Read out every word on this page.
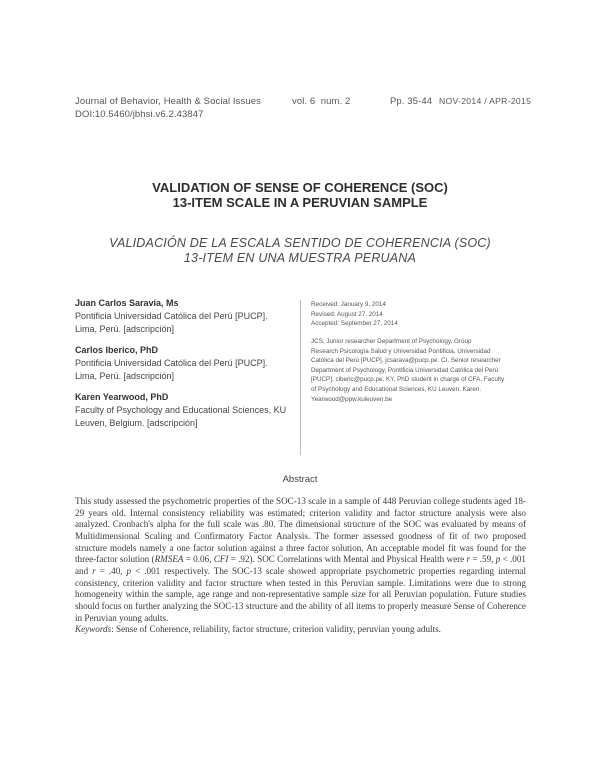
Journal of Behavior, Health & Social Issues
DOI:10.5460/jbhsi.v6.2.43847
vol. 6  num. 2	Pp. 35-44 NOV-2014 / APR-2015
VALIDATION OF SENSE OF COHERENCE (SOC)
13-ITEM SCALE IN A PERUVIAN SAMPLE
VALIDACIÓN DE LA ESCALA SENTIDO DE COHERENCIA (SOC)
13-ITEM EN UNA MUESTRA PERUANA
Juan Carlos Saravia, Ms
Pontificia Universidad Católica del Perú [PUCP].
Lima, Perú. [adscripción]
Carlos Iberico, PhD
Pontificia Universidad Católica del Perú [PUCP].
Lima, Perú. [adscripción]
Karen Yearwood, PhD
Faculty of Psychology and Educational Sciences, KU
Leuven, Belgium. [adscripción]
Received: January 9, 2014
Revised: August 27, 2014
Accepted: September 27, 2014
JCS, Junior researcher Department of Psychology. Group
Research Psicología Salud y Universidad Pontificia, Universidad
Católica del Perú [PUCP]. jcsarava@pucp.pe. CI, Senior researcher
Department of Psychology, Pontificia Universidad Católica del Perú
[PUCP]. ciberic@pucp.pe. KY, PhD student in charge of CFA, Faculty
of Psychology and Educational Sciences, KU Leuven. Karen.
Yearwood@ppw.kuleuven.be
Abstract

This study assessed the psychometric properties of the SOC-13 scale in a sample of 448 Peruvian college students aged 18-29 years old. Internal consistency reliability was estimated; criterion validity and factor structure analysis were also analyzed. Cronbach's alpha for the full scale was .80. The dimensional structure of the SOC was evaluated by means of Multidimensional Scaling and Confirmatory Factor Analysis. The former assessed goodness of fit of two proposed structure models namely a one factor solution against a three factor solution. An acceptable model fit was found for the three-factor solution (RMSEA = 0.06, CFI = .92). SOC Correlations with Mental and Physical Health were r = .59, p < .001 and r = .40, p < .001 respectively. The SOC-13 scale showed appropriate psychometric properties regarding internal consistency, criterion validity and factor structure when tested in this Peruvian sample. Limitations were due to strong homogeneity within the sample, age range and non-representative sample size for all Peruvian population. Future studies should focus on further analyzing the SOC-13 structure and the ability of all items to properly measure Sense of Coherence in Peruvian young adults.

Keywords: Sense of Coherence, reliability, factor structure, criterion validity, peruvian young adults.
